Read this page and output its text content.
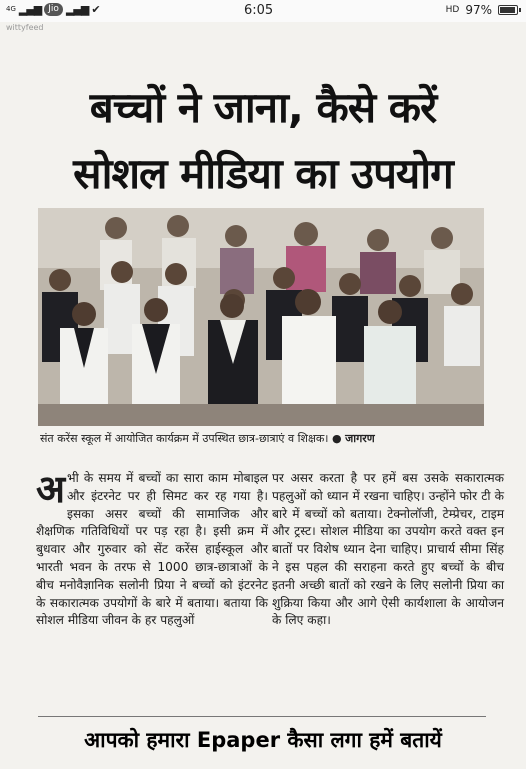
4G ▂▄▆ Jio ▂▄▆ ✔	6:05	HD 97%
wittyfeed
बच्चों ने जाना, कैसे करें
सोशल मीडिया का उपयोग
संत करेंस स्कूल में आयोजित कार्यक्रम में उपस्थित छात्र-छात्राएं व शिक्षक। ● जागरण

अभी के समय में बच्चों का सारा काम मोबाइल और इंटरनेट पर ही सिमट कर रह गया है। इसका असर बच्चों की सामाजिक और शैक्षणिक गतिविधियों पर पड़ रहा है। इसी क्रम में बुधवार और गुरुवार को सेंट करेंस हाईस्कूल और भारती भवन के तरफ से 1000 छात्र-छात्राओं के बीच मनोवैज्ञानिक सलोनी प्रिया ने बच्चों को इंटरनेट के सकारात्मक उपयोगों के बारे में बताया। बताया कि सोशल मीडिया जीवन के हर पहलुओं

पर असर करता है पर हमें बस उसके सकारात्मक पहलुओं को ध्यान में रखना चाहिए। उन्होंने फोर टी के बारे में बच्चों को बताया। टेक्नोलॉजी, टेम्प्रेचर, टाइम और ट्रस्ट। सोशल मीडिया का उपयोग करते वक्त इन बातों पर विशेष ध्यान देना चाहिए। प्राचार्य सीमा सिंह ने इस पहल की सराहना करते हुए बच्चों के बीच इतनी अच्छी बातों को रखने के लिए सलोनी प्रिया का शुक्रिया किया और आगे ऐसी कार्यशाला के आयोजन के लिए कहा।

आपको हमारा Epaper कैसा लगा हमें बतायें
